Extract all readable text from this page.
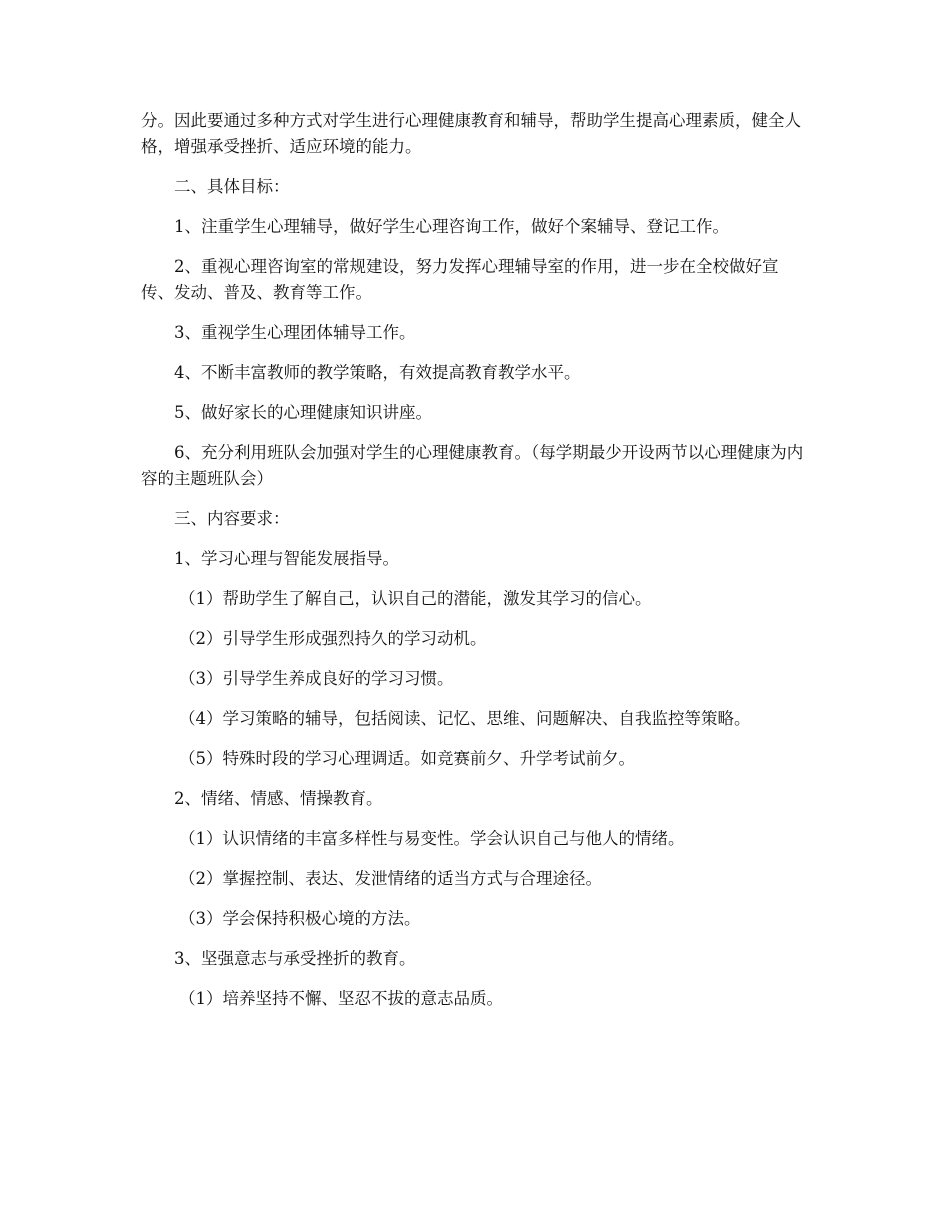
分。因此要通过多种方式对学生进行心理健康教育和辅导，帮助学生提高心理素质，健全人格，增强承受挫折、适应环境的能力。

二、具体目标：

1、注重学生心理辅导，做好学生心理咨询工作，做好个案辅导、登记工作。

2、重视心理咨询室的常规建设，努力发挥心理辅导室的作用，进一步在全校做好宣传、发动、普及、教育等工作。

3、重视学生心理团体辅导工作。

4、不断丰富教师的教学策略，有效提高教育教学水平。

5、做好家长的心理健康知识讲座。

6、充分利用班队会加强对学生的心理健康教育。（每学期最少开设两节以心理健康为内容的主题班队会）

三、内容要求：

1、学习心理与智能发展指导。

（1）帮助学生了解自己，认识自己的潜能，激发其学习的信心。

（2）引导学生形成强烈持久的学习动机。

（3）引导学生养成良好的学习习惯。

（4）学习策略的辅导，包括阅读、记忆、思维、问题解决、自我监控等策略。

（5）特殊时段的学习心理调适。如竞赛前夕、升学考试前夕。

2、情绪、情感、情操教育。

（1）认识情绪的丰富多样性与易变性。学会认识自己与他人的情绪。

（2）掌握控制、表达、发泄情绪的适当方式与合理途径。

（3）学会保持积极心境的方法。

3、坚强意志与承受挫折的教育。

（1）培养坚持不懈、坚忍不拔的意志品质。
